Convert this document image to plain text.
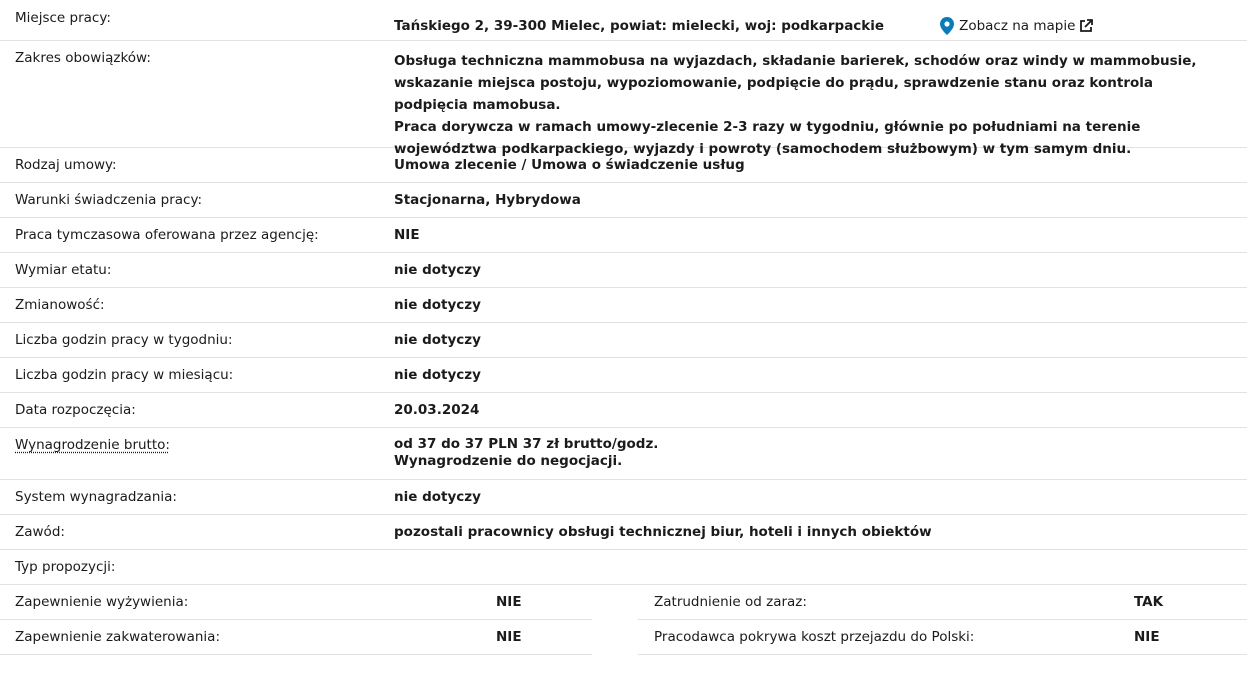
Miejsce pracy:	Tańskiego 2, 39-300 Mielec, powiat: mielecki, woj: podkarpackie	Zobacz na mapie
Zakres obowiązków:	Obsługa techniczna mammobusa na wyjazdach, składanie barierek, schodów oraz windy w mammobusie, wskazanie miejsca postoju, wypoziomowanie, podpięcie do prądu, sprawdzenie stanu oraz kontrola podpięcia mamobusa.

Praca dorywcza w ramach umowy-zlecenie 2-3 razy w tygodniu, głównie po południami na terenie województwa podkarpackiego, wyjazdy i powroty (samochodem służbowym) w tym samym dniu.

Rodzaj umowy:	Umowa zlecenie / Umowa o świadczenie usług
Warunki świadczenia pracy:	Stacjonarna, Hybrydowa
Praca tymczasowa oferowana przez agencję:	NIE
Wymiar etatu:	nie dotyczy
Zmianowość:	nie dotyczy
Liczba godzin pracy w tygodniu:	nie dotyczy
Liczba godzin pracy w miesiącu:	nie dotyczy
Data rozpoczęcia:	20.03.2024
Wynagrodzenie brutto:	od 37 do 37 PLN 37 zł brutto/godz.
Wynagrodzenie do negocjacji.
System wynagradzania:	nie dotyczy
Zawód:	pozostali pracownicy obsługi technicznej biur, hoteli i innych obiektów
Typ propozycji:
Zapewnienie wyżywienia:	NIE
Zapewnienie zakwaterowania:	NIE
Zatrudnienie od zaraz:	TAK
Pracodawca pokrywa koszt przejazdu do Polski:	NIE
